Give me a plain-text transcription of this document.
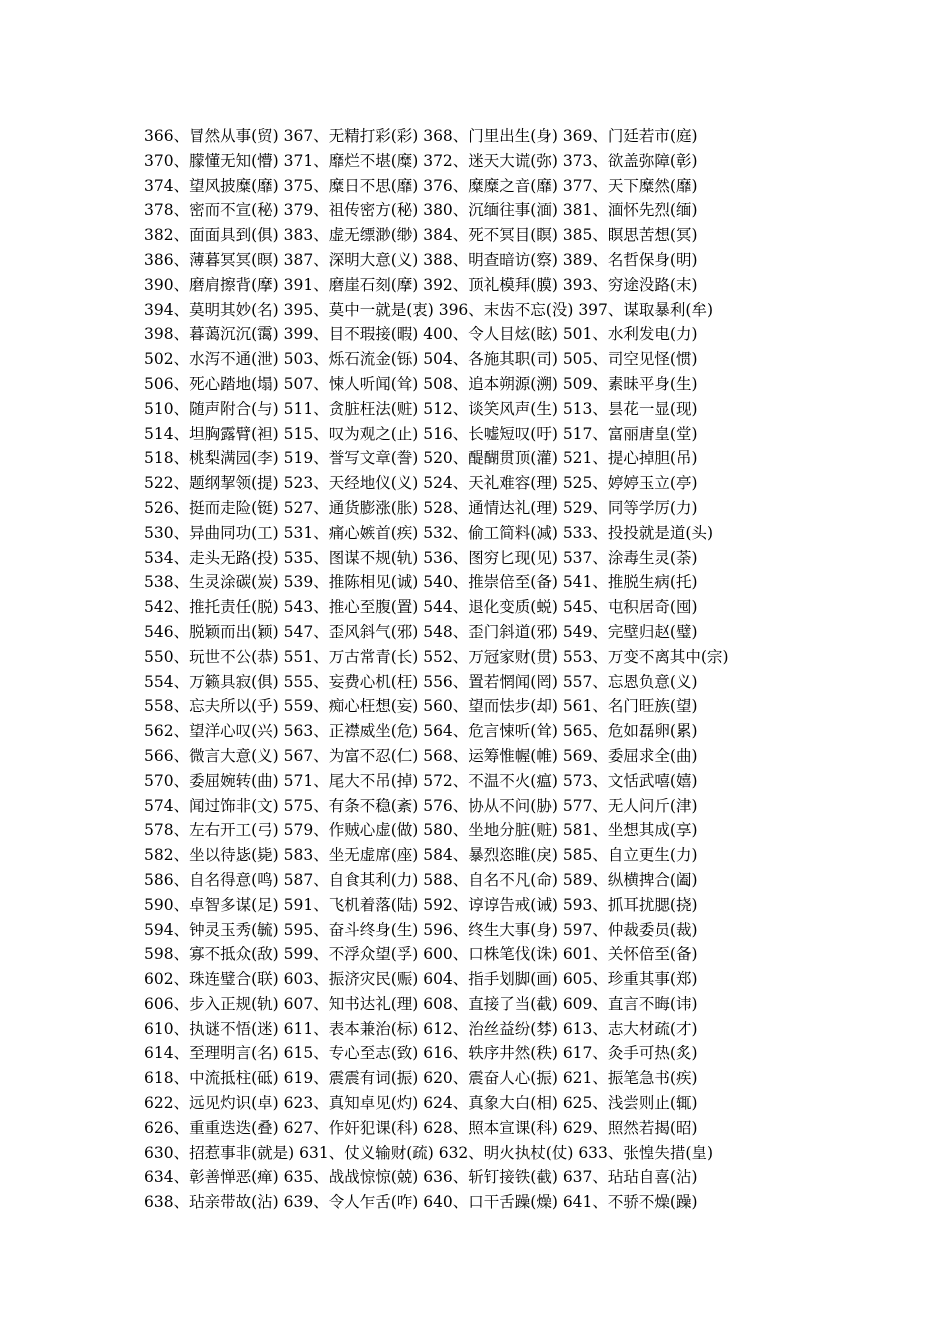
366、冒然从事(贸) 367、无精打彩(彩) 368、门里出生(身) 369、门廷若市(庭)
370、朦懂无知(懵) 371、靡烂不堪(糜) 372、迷天大谎(弥) 373、欲盖弥障(彰)
374、望风披糜(靡) 375、糜日不思(靡) 376、糜糜之音(靡) 377、天下糜然(靡)
378、密而不宣(秘) 379、祖传密方(秘) 380、沉缅往事(湎) 381、湎怀先烈(缅)
382、面面具到(俱) 383、虚无缥渺(缈) 384、死不冥目(瞑) 385、瞑思苦想(冥)
386、薄暮冥冥(暝) 387、深明大意(义) 388、明查暗访(察) 389、名哲保身(明)
390、磨肩擦背(摩) 391、磨崖石刻(摩) 392、顶礼模拜(膜) 393、穷途没路(末)
394、莫明其妙(名) 395、莫中一就是(衷) 396、末齿不忘(没) 397、谋取暴利(牟)
398、暮蔼沉沉(霭) 399、目不瑕接(暇) 400、令人目炫(眩) 501、水利发电(力)
502、水泻不通(泄) 503、烁石流金(铄) 504、各施其职(司) 505、司空见怪(惯)
506、死心踏地(塌) 507、悚人听闻(耸) 508、追本朔源(溯) 509、素昧平身(生)
510、随声附合(与) 511、贪脏枉法(赃) 512、谈笑风声(生) 513、昙花一显(现)
514、坦胸露臂(袒) 515、叹为观之(止) 516、长嘘短叹(吁) 517、富丽唐皇(堂)
518、桃梨满园(李) 519、誉写文章(誊) 520、醍醐贯顶(灌) 521、提心掉胆(吊)
522、题纲挈领(提) 523、天经地仪(义) 524、天礼难容(理) 525、婷婷玉立(亭)
526、挺而走险(铤) 527、通货膨涨(胀) 528、通情达礼(理) 529、同等学厉(力)
530、异曲同功(工) 531、痛心嫉首(疾) 532、偷工简料(减) 533、投投就是道(头)
534、走头无路(投) 535、图谋不规(轨) 536、图穷匕现(见) 537、涂毒生灵(荼)
538、生灵涂碳(炭) 539、推陈相见(诚) 540、推崇倍至(备) 541、推脱生病(托)
542、推托责任(脱) 543、推心至腹(置) 544、退化变质(蜕) 545、屯积居奇(囤)
546、脱颖而出(颖) 547、歪风斜气(邪) 548、歪门斜道(邪) 549、完壁归赵(璧)
550、玩世不公(恭) 551、万古常青(长) 552、万冠家财(贯) 553、万变不离其中(宗)
554、万籁具寂(俱) 555、妄费心机(枉) 556、置若惘闻(罔) 557、忘恩负意(义)
558、忘夫所以(乎) 559、痴心枉想(妄) 560、望而怯步(却) 561、名门旺族(望)
562、望洋心叹(兴) 563、正襟威坐(危) 564、危言悚听(耸) 565、危如磊卵(累)
566、微言大意(义) 567、为富不忍(仁) 568、运筹惟幄(帷) 569、委屈求全(曲)
570、委屈婉转(曲) 571、尾大不吊(掉) 572、不温不火(瘟) 573、文恬武嘻(嬉)
574、闻过饰非(文) 575、有条不稳(紊) 576、协从不问(胁) 577、无人问斤(津)
578、左右开工(弓) 579、作贼心虚(做) 580、坐地分脏(赃) 581、坐想其成(享)
582、坐以待毖(毙) 583、坐无虚席(座) 584、暴烈恣睢(戾) 585、自立更生(力)
586、自名得意(鸣) 587、自食其利(力) 588、自名不凡(命) 589、纵横捭合(阖)
590、卓智多谋(足) 591、飞机着落(陆) 592、谆谆告戒(诫) 593、抓耳扰腮(挠)
594、钟灵玉秀(毓) 595、奋斗终身(生) 596、终生大事(身) 597、仲裁委员(裁)
598、寡不抵众(敌) 599、不浮众望(孚) 600、口株笔伐(诛) 601、关怀倍至(备)
602、珠连璧合(联) 603、振济灾民(赈) 604、指手划脚(画) 605、珍重其事(郑)
606、步入正规(轨) 607、知书达礼(理) 608、直接了当(截) 609、直言不晦(讳)
610、执谜不悟(迷) 611、表本兼治(标) 612、治丝益纷(棼) 613、志大材疏(才)
614、至理明言(名) 615、专心至志(致) 616、轶序井然(秩) 617、灸手可热(炙)
618、中流抵柱(砥) 619、震震有词(振) 620、震奋人心(振) 621、振笔急书(疾)
622、远见灼识(卓) 623、真知卓见(灼) 624、真象大白(相) 625、浅尝则止(辄)
626、重重迭迭(叠) 627、作奸犯课(科) 628、照本宣课(科) 629、照然若揭(昭)
630、招惹事非(就是) 631、仗义输财(疏) 632、明火执杖(仗) 633、张惶失措(皇)
634、彰善惮恶(瘅) 635、战战惊惊(兢) 636、斩钉接铁(截) 637、玷玷自喜(沾)
638、玷亲带故(沾) 639、令人乍舌(咋) 640、口干舌躁(燥) 641、不骄不燥(躁)
